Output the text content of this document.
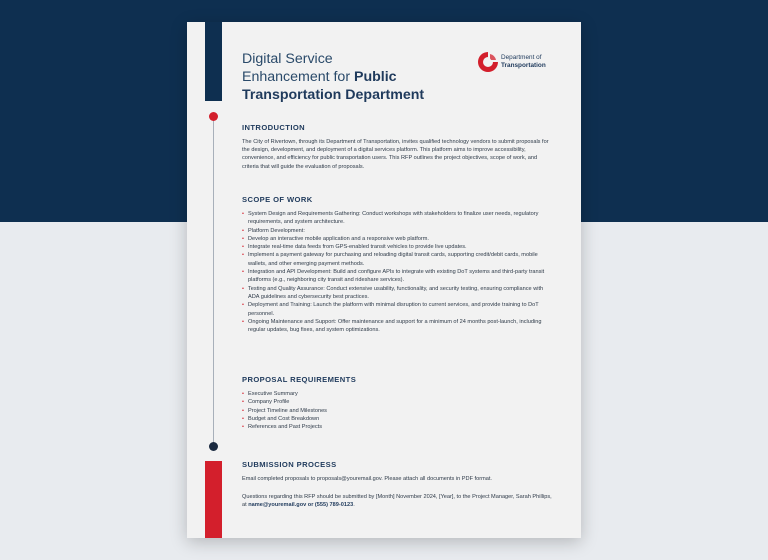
Digital Service
Enhancement for Public
Transportation Department
Department of
Transportation
INTRODUCTION

The City of Rivertown, through its Department of Transportation, invites qualified technology vendors to submit proposals for the design, development, and deployment of a digital services platform. This platform aims to improve accessibility, convenience, and efficiency for public transportation users. This RFP outlines the project objectives, scope of work, and criteria that will guide the evaluation of proposals.

SCOPE OF WORK
• System Design and Requirements Gathering: Conduct workshops with stakeholders to finalize user needs, regulatory requirements, and system architecture.
• Platform Development:
• Develop an interactive mobile application and a responsive web platform.
• Integrate real-time data feeds from GPS-enabled transit vehicles to provide live updates.
• Implement a payment gateway for purchasing and reloading digital transit cards, supporting credit/debit cards, mobile wallets, and other emerging payment methods.
• Integration and API Development: Build and configure APIs to integrate with existing DoT systems and third-party transit platforms (e.g., neighboring city transit and rideshare services).
• Testing and Quality Assurance: Conduct extensive usability, functionality, and security testing, ensuring compliance with ADA guidelines and cybersecurity best practices.
• Deployment and Training: Launch the platform with minimal disruption to current services, and provide training to DoT personnel.
• Ongoing Maintenance and Support: Offer maintenance and support for a minimum of 24 months post-launch, including regular updates, bug fixes, and system optimizations.
PROPOSAL REQUIREMENTS
• Executive Summary
• Company Profile
• Project Timeline and Milestones
• Budget and Cost Breakdown
• References and Past Projects
SUBMISSION PROCESS

Email completed proposals to proposals@youremail.gov. Please attach all documents in PDF format.

Questions regarding this RFP should be submitted by [Month] November 2024, [Year], to the Project Manager, Sarah Phillips, at name@youremail.gov or (555) 789-0123.
